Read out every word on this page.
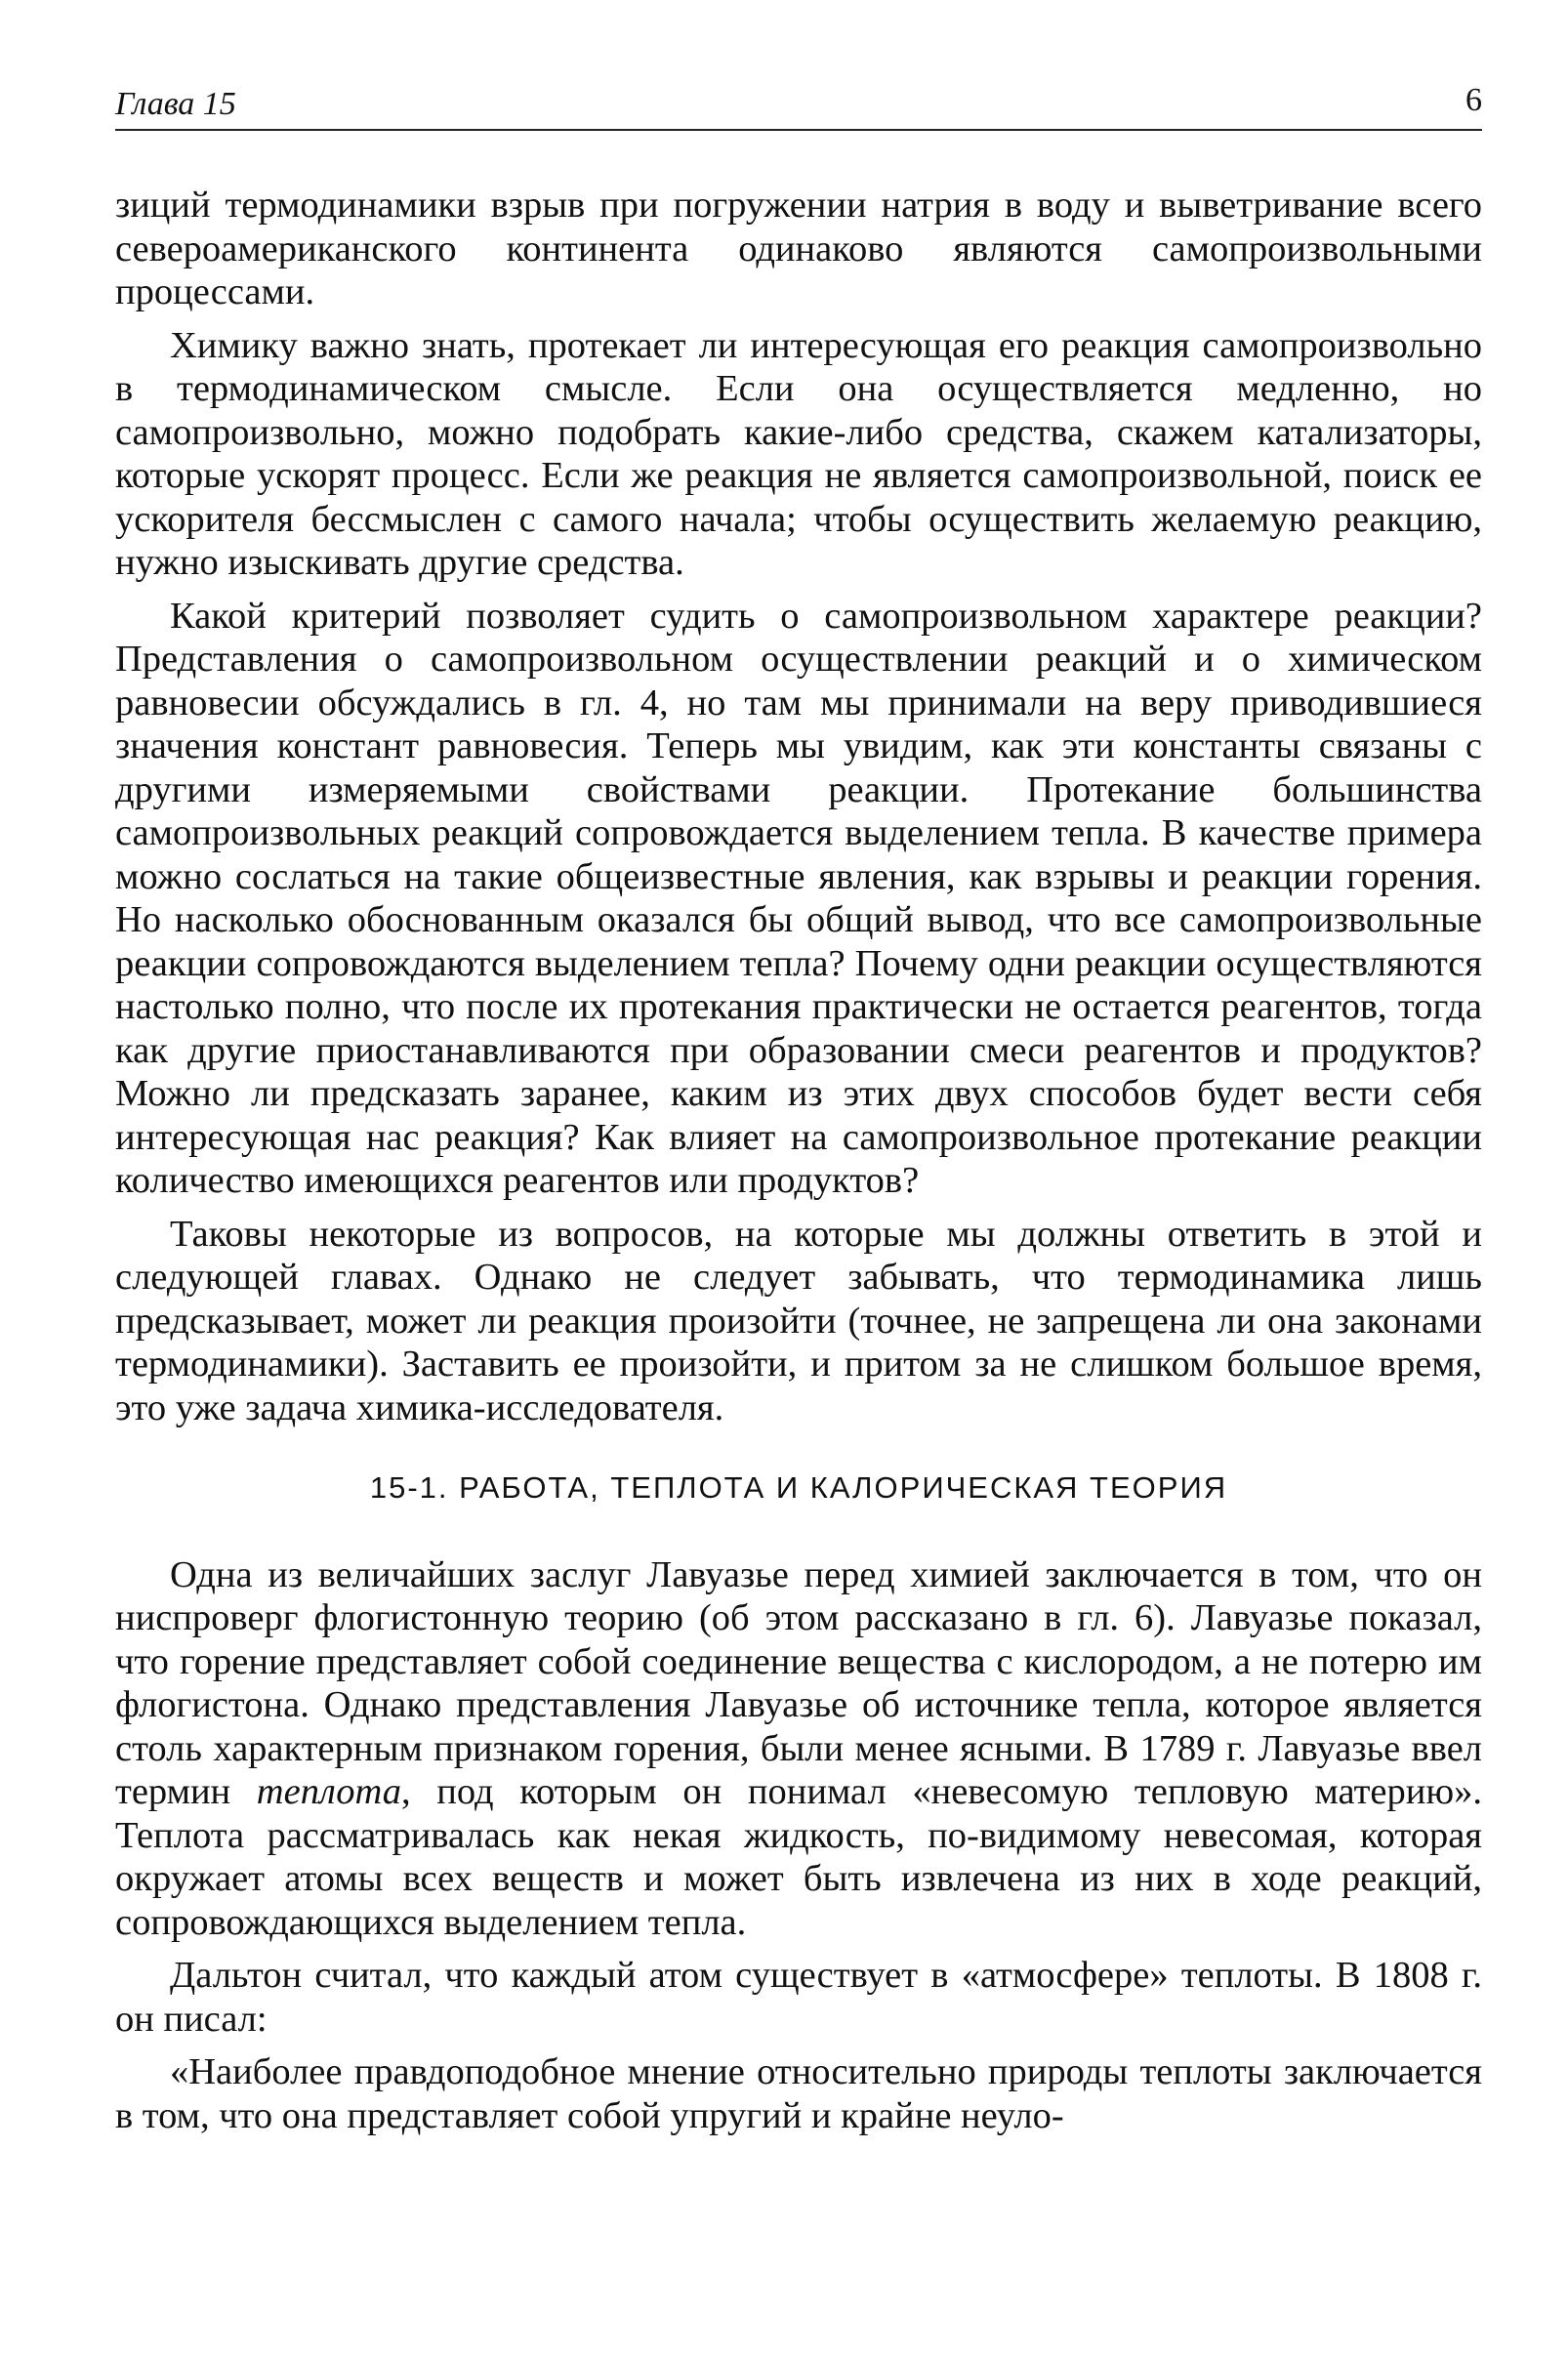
Глава 15	6

зиций термодинамики взрыв при погружении натрия в воду и выветривание всего североамериканского континента одинаково являются самопроизвольными процессами.

Химику важно знать, протекает ли интересующая его реакция самопроизвольно в термодинамическом смысле. Если она осуществляется медленно, но самопроизвольно, можно подобрать какие-либо средства, скажем катализаторы, которые ускорят процесс. Если же реакция не является самопроизвольной, поиск ее ускорителя бессмыслен с самого начала; чтобы осуществить желаемую реакцию, нужно изыскивать другие средства.

Какой критерий позволяет судить о самопроизвольном характере реакции? Представления о самопроизвольном осуществлении реакций и о химическом равновесии обсуждались в гл. 4, но там мы принимали на веру приводившиеся значения констант равновесия. Теперь мы увидим, как эти константы связаны с другими измеряемыми свойствами реакции. Протекание большинства самопроизвольных реакций сопровождается выделением тепла. В качестве примера можно сослаться на такие общеизвестные явления, как взрывы и реакции горения. Но насколько обоснованным оказался бы общий вывод, что все самопроизвольные реакции сопровождаются выделением тепла? Почему одни реакции осуществляются настолько полно, что после их протекания практически не остается реагентов, тогда как другие приостанавливаются при образовании смеси реагентов и продуктов? Можно ли предсказать заранее, каким из этих двух способов будет вести себя интересующая нас реакция? Как влияет на самопроизвольное протекание реакции количество имеющихся реагентов или продуктов?

Таковы некоторые из вопросов, на которые мы должны ответить в этой и следующей главах. Однако не следует забывать, что термодинамика лишь предсказывает, может ли реакция произойти (точнее, не запрещена ли она законами термодинамики). Заставить ее произойти, и притом за не слишком большое время, это уже задача химика-исследователя.

15-1. РАБОТА, ТЕПЛОТА И КАЛОРИЧЕСКАЯ ТЕОРИЯ

Одна из величайших заслуг Лавуазье перед химией заключается в том, что он ниспроверг флогистонную теорию (об этом рассказано в гл. 6). Лавуазье показал, что горение представляет собой соединение вещества с кислородом, а не потерю им флогистона. Однако представления Лавуазье об источнике тепла, которое является столь характерным признаком горения, были менее ясными. В 1789 г. Лавуазье ввел термин теплота, под которым он понимал «невесомую тепловую материю». Теплота рассматривалась как некая жидкость, по-видимому невесомая, которая окружает атомы всех веществ и может быть извлечена из них в ходе реакций, сопровождающихся выделением тепла.

Дальтон считал, что каждый атом существует в «атмосфере» теплоты. В 1808 г. он писал:

«Наиболее правдоподобное мнение относительно природы теплоты заключается в том, что она представляет собой упругий и крайне неуло-
